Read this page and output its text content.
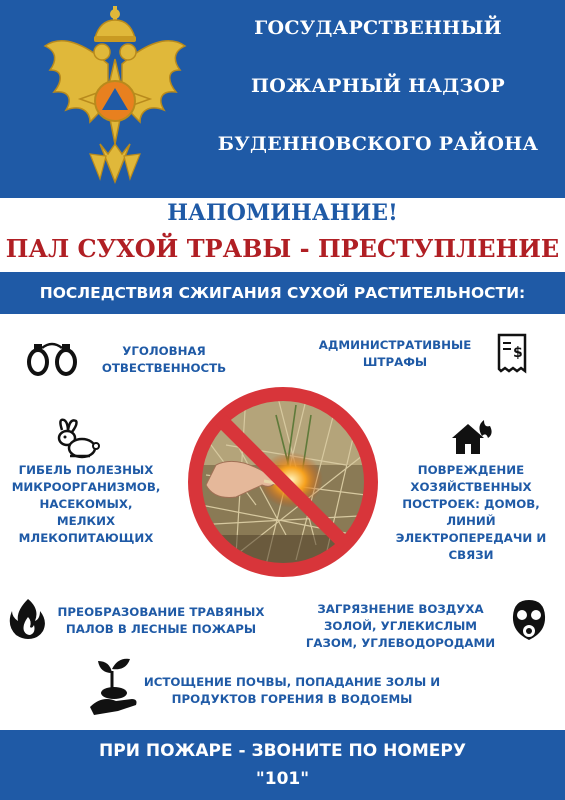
ГОСУДАРСТВЕННЫЙ
ПОЖАРНЫЙ НАДЗОР
БУДЕННОВСКОГО РАЙОНА
НАПОМИНАНИЕ!
ПАЛ СУХОЙ ТРАВЫ - ПРЕСТУПЛЕНИЕ
ПОСЛЕДСТВИЯ СЖИГАНИЯ СУХОЙ РАСТИТЕЛЬНОСТИ:
УГОЛОВНАЯ
ОТВЕСТВЕННОСТЬ
АДМИНИСТРАТИВНЫЕ
ШТРАФЫ
$
ГИБЕЛЬ ПОЛЕЗНЫХ
МИКРООРГАНИЗМОВ,
НАСЕКОМЫХ,
МЕЛКИХ
МЛЕКОПИТАЮЩИХ
ПОВРЕЖДЕНИЕ
ХОЗЯЙСТВЕННЫХ
ПОСТРОЕК: ДОМОВ,
ЛИНИЙ
ЭЛЕКТРОПЕРЕДАЧИ И
СВЯЗИ
ПРЕОБРАЗОВАНИЕ ТРАВЯНЫХ
ПАЛОВ В ЛЕСНЫЕ ПОЖАРЫ
ЗАГРЯЗНЕНИЕ ВОЗДУХА
ЗОЛОЙ, УГЛЕКИСЛЫМ
ГАЗОМ, УГЛЕВОДОРОДАМИ
ИСТОЩЕНИЕ ПОЧВЫ, ПОПАДАНИЕ ЗОЛЫ И
ПРОДУКТОВ ГОРЕНИЯ В ВОДОЕМЫ
ПРИ ПОЖАРЕ - ЗВОНИТЕ ПО НОМЕРУ
"101"
